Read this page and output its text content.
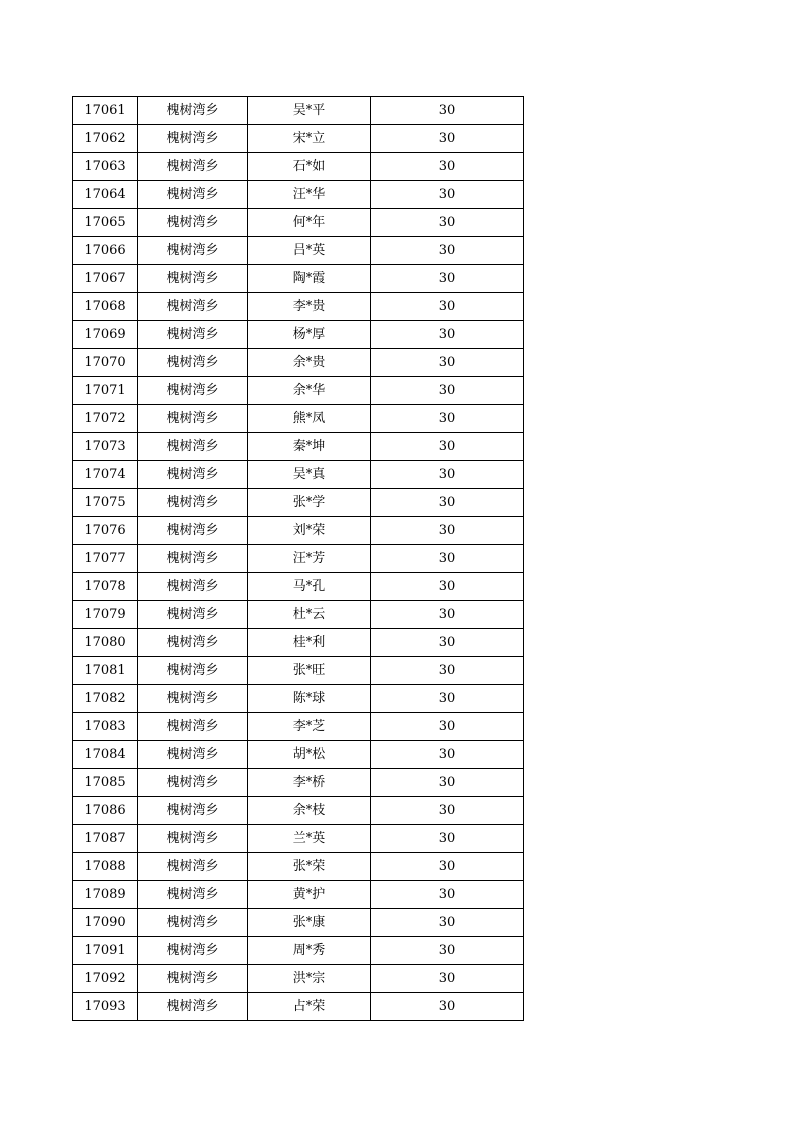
17061	槐树湾乡	吴*平	30
17062	槐树湾乡	宋*立	30
17063	槐树湾乡	石*如	30
17064	槐树湾乡	汪*华	30
17065	槐树湾乡	何*年	30
17066	槐树湾乡	吕*英	30
17067	槐树湾乡	陶*霞	30
17068	槐树湾乡	李*贵	30
17069	槐树湾乡	杨*厚	30
17070	槐树湾乡	余*贵	30
17071	槐树湾乡	余*华	30
17072	槐树湾乡	熊*凤	30
17073	槐树湾乡	秦*坤	30
17074	槐树湾乡	吴*真	30
17075	槐树湾乡	张*学	30
17076	槐树湾乡	刘*荣	30
17077	槐树湾乡	汪*芳	30
17078	槐树湾乡	马*孔	30
17079	槐树湾乡	杜*云	30
17080	槐树湾乡	桂*利	30
17081	槐树湾乡	张*旺	30
17082	槐树湾乡	陈*球	30
17083	槐树湾乡	李*芝	30
17084	槐树湾乡	胡*松	30
17085	槐树湾乡	李*桥	30
17086	槐树湾乡	余*枝	30
17087	槐树湾乡	兰*英	30
17088	槐树湾乡	张*荣	30
17089	槐树湾乡	黄*护	30
17090	槐树湾乡	张*康	30
17091	槐树湾乡	周*秀	30
17092	槐树湾乡	洪*宗	30
17093	槐树湾乡	占*荣	30
